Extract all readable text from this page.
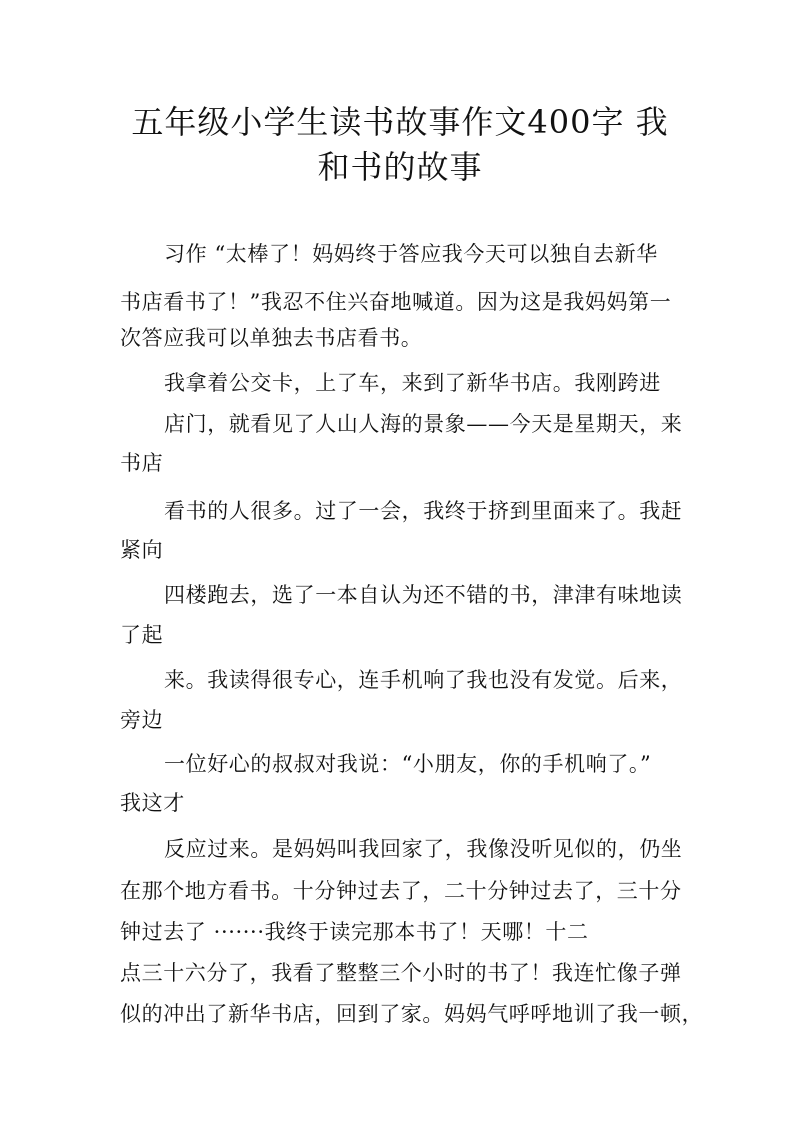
五年级小学生读书故事作文400字 我
和书的故事
习作 “太棒了！妈妈终于答应我今天可以独自去新华
书店看书了！”我忍不住兴奋地喊道。因为这是我妈妈第一
次答应我可以单独去书店看书。
我拿着公交卡，上了车，来到了新华书店。我刚跨进
店门，就看见了人山人海的景象——今天是星期天，来
书店
看书的人很多。过了一会，我终于挤到里面来了。我赶
紧向
四楼跑去，选了一本自认为还不错的书，津津有味地读
了起
来。我读得很专心，连手机响了我也没有发觉。后来，
旁边
一位好心的叔叔对我说：“小朋友，你的手机响了。”
我这才
反应过来。是妈妈叫我回家了，我像没听见似的，仍坐
在那个地方看书。十分钟过去了，二十分钟过去了，三十分
钟过去了 ·······我终于读完那本书了！天哪！十二
点三十六分了，我看了整整三个小时的书了！我连忙像子弹
似的冲出了新华书店，回到了家。妈妈气呼呼地训了我一顿，
